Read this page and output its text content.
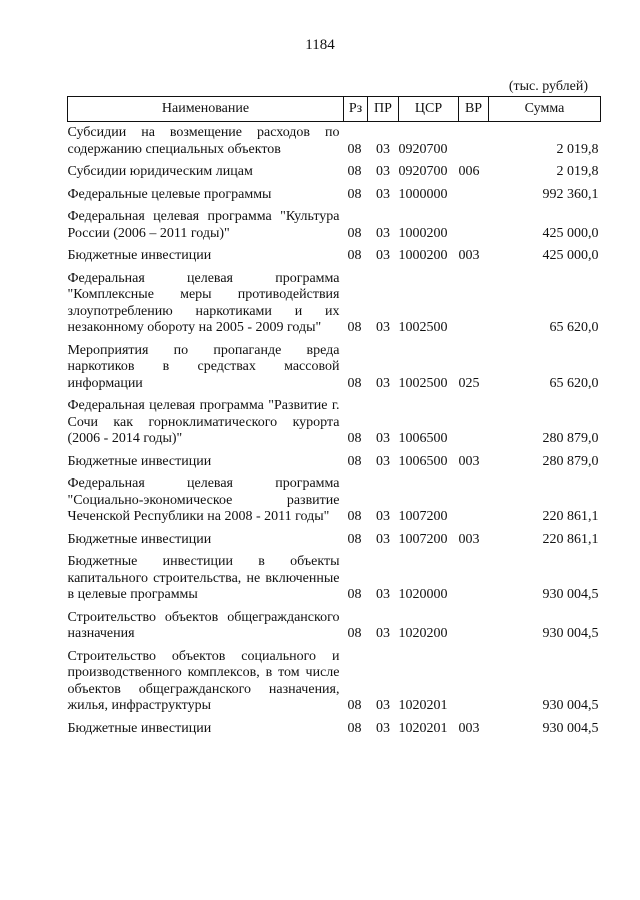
1184
(тыс. рублей)
Наименование	Рз	ПР	ЦСР	ВР	Сумма
Субсидии на возмещение расходов по содержанию специальных объектов	08	03	0920700		2 019,8
Субсидии юридическим лицам	08	03	0920700	006	2 019,8
Федеральные целевые программы	08	03	1000000		992 360,1
Федеральная целевая программа "Культура России (2006 – 2011 годы)"	08	03	1000200		425 000,0
Бюджетные инвестиции	08	03	1000200	003	425 000,0
Федеральная целевая программа "Комплексные меры противодействия злоупотреблению наркотиками и их незаконному обороту на 2005 - 2009 годы"	08	03	1002500		65 620,0
Мероприятия по пропаганде вреда наркотиков в средствах массовой информации	08	03	1002500	025	65 620,0
Федеральная целевая программа "Развитие г. Сочи как горноклиматического курорта (2006 - 2014 годы)"	08	03	1006500		280 879,0
Бюджетные инвестиции	08	03	1006500	003	280 879,0
Федеральная целевая программа "Социально-экономическое развитие Чеченской Республики на 2008 - 2011 годы"	08	03	1007200		220 861,1
Бюджетные инвестиции	08	03	1007200	003	220 861,1
Бюджетные инвестиции в объекты капитального строительства, не включенные в целевые программы	08	03	1020000		930 004,5
Строительство объектов общегражданского назначения	08	03	1020200		930 004,5
Строительство объектов социального и производственного комплексов, в том числе объектов общегражданского назначения, жилья, инфраструктуры	08	03	1020201		930 004,5
Бюджетные инвестиции	08	03	1020201	003	930 004,5
